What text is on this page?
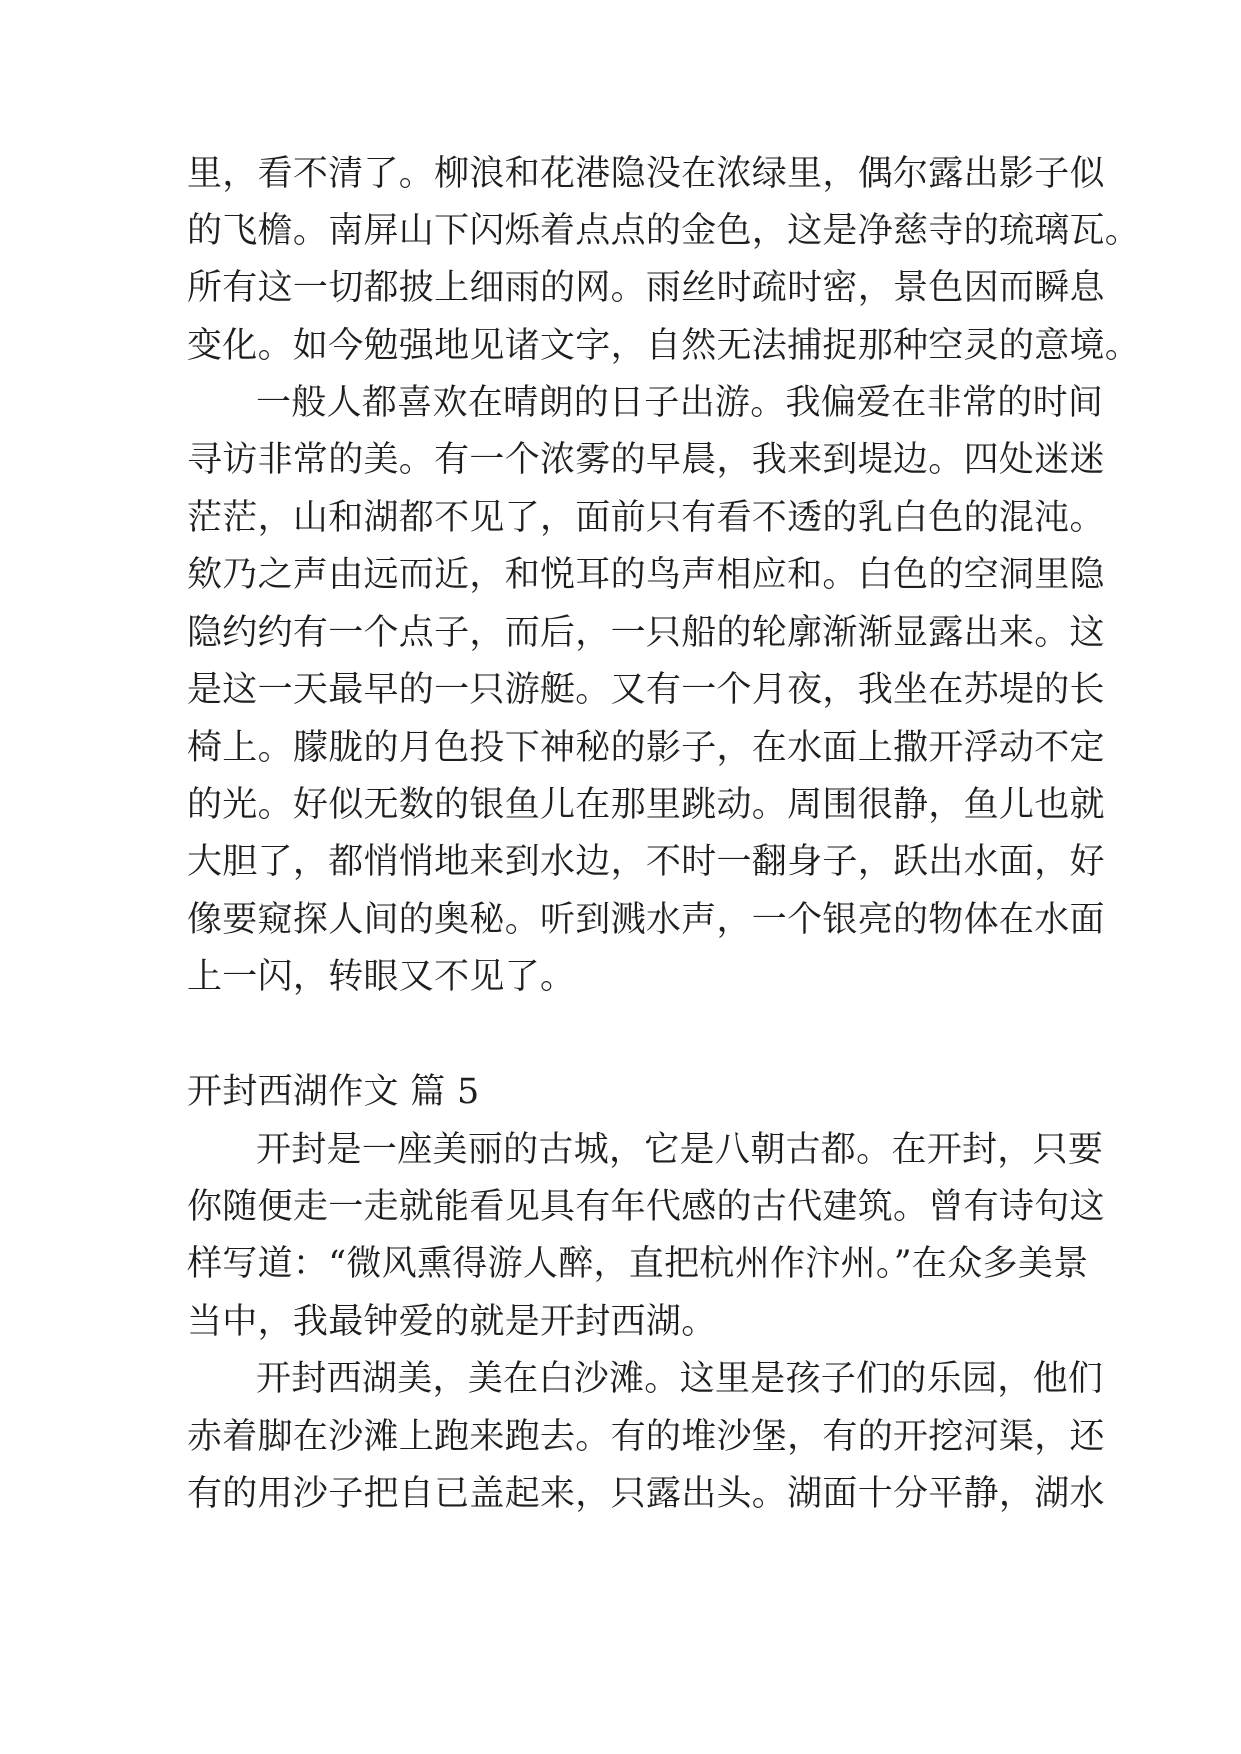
里，看不清了。柳浪和花港隐没在浓绿里，偶尔露出影子似
的飞檐。南屏山下闪烁着点点的金色，这是净慈寺的琉璃瓦。
所有这一切都披上细雨的网。雨丝时疏时密，景色因而瞬息
变化。如今勉强地见诸文字，自然无法捕捉那种空灵的意境。
一般人都喜欢在晴朗的日子出游。我偏爱在非常的时间
寻访非常的美。有一个浓雾的早晨，我来到堤边。四处迷迷
茫茫，山和湖都不见了，面前只有看不透的乳白色的混沌。
欸乃之声由远而近，和悦耳的鸟声相应和。白色的空洞里隐
隐约约有一个点子，而后，一只船的轮廓渐渐显露出来。这
是这一天最早的一只游艇。又有一个月夜，我坐在苏堤的长
椅上。朦胧的月色投下神秘的影子，在水面上撒开浮动不定
的光。好似无数的银鱼儿在那里跳动。周围很静，鱼儿也就
大胆了，都悄悄地来到水边，不时一翻身子，跃出水面，好
像要窥探人间的奥秘。听到溅水声，一个银亮的物体在水面
上一闪，转眼又不见了。
开封西湖作文 篇 5
开封是一座美丽的古城，它是八朝古都。在开封，只要
你随便走一走就能看见具有年代感的古代建筑。曾有诗句这
样写道：“微风熏得游人醉，直把杭州作汴州。”在众多美景
当中，我最钟爱的就是开封西湖。
开封西湖美，美在白沙滩。这里是孩子们的乐园，他们
赤着脚在沙滩上跑来跑去。有的堆沙堡，有的开挖河渠，还
有的用沙子把自已盖起来，只露出头。湖面十分平静，湖水
